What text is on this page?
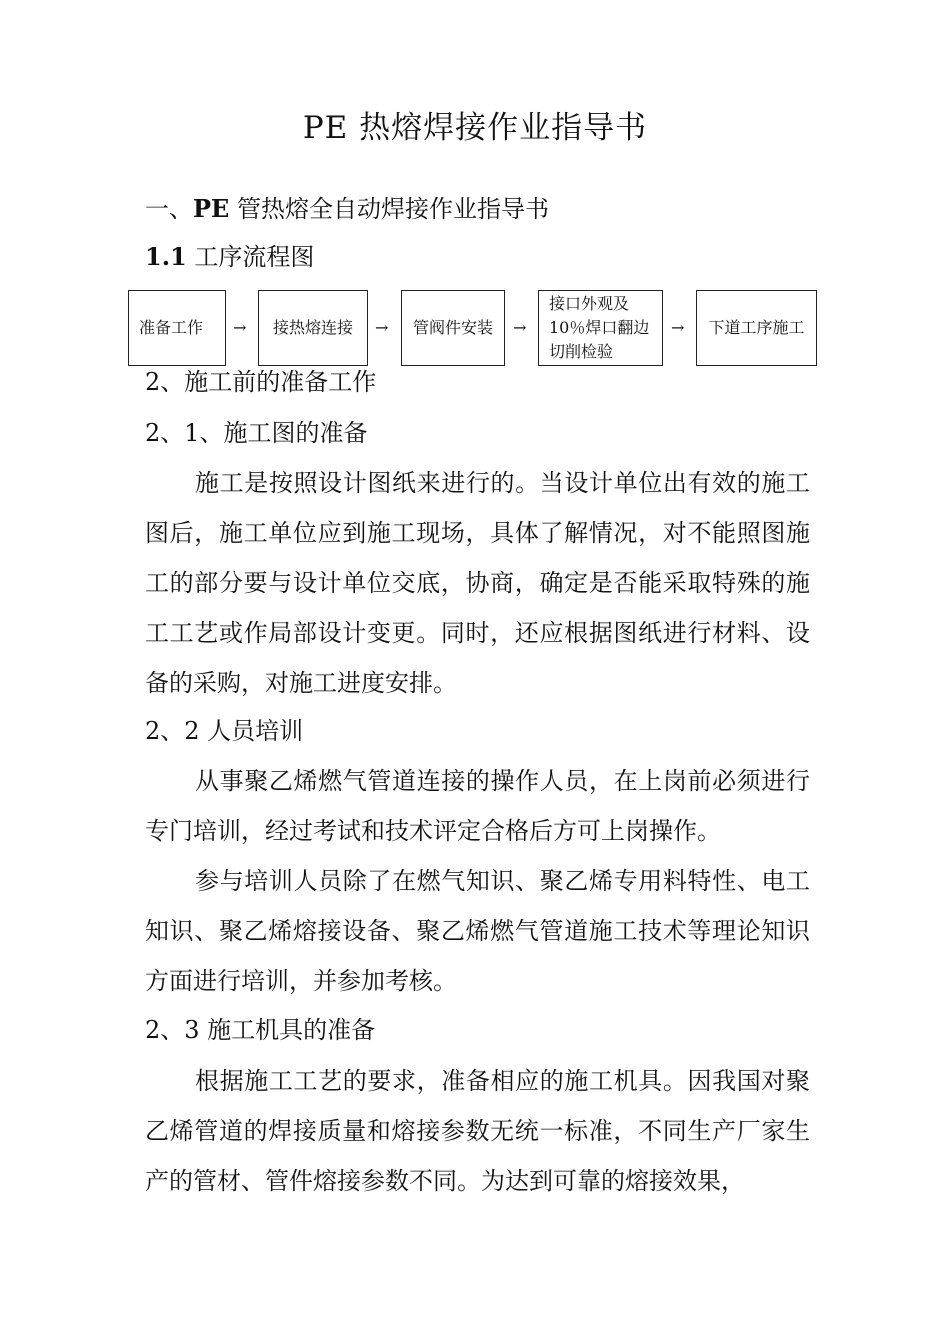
PE 热熔焊接作业指导书
一、PE 管热熔全自动焊接作业指导书
1.1 工序流程图
准备工作 → 接热熔连接 → 管阀件安装 →
接口外观及
10％焊口翻边
切削检验
→ 下道工序施工
2、施工前的准备工作
2、1、施工图的准备
施工是按照设计图纸来进行的。当设计单位出有效的施工图后，施工单位应到施工现场，具体了解情况，对不能照图施工的部分要与设计单位交底，协商，确定是否能采取特殊的施工工艺或作局部设计变更。同时，还应根据图纸进行材料、设备的采购，对施工进度安排。
2、2 人员培训
从事聚乙烯燃气管道连接的操作人员，在上岗前必须进行专门培训，经过考试和技术评定合格后方可上岗操作。
参与培训人员除了在燃气知识、聚乙烯专用料特性、电工知识、聚乙烯熔接设备、聚乙烯燃气管道施工技术等理论知识方面进行培训，并参加考核。
2、3 施工机具的准备
根据施工工艺的要求，准备相应的施工机具。因我国对聚乙烯管道的焊接质量和熔接参数无统一标准，不同生产厂家生产的管材、管件熔接参数不同。为达到可靠的熔接效果，
